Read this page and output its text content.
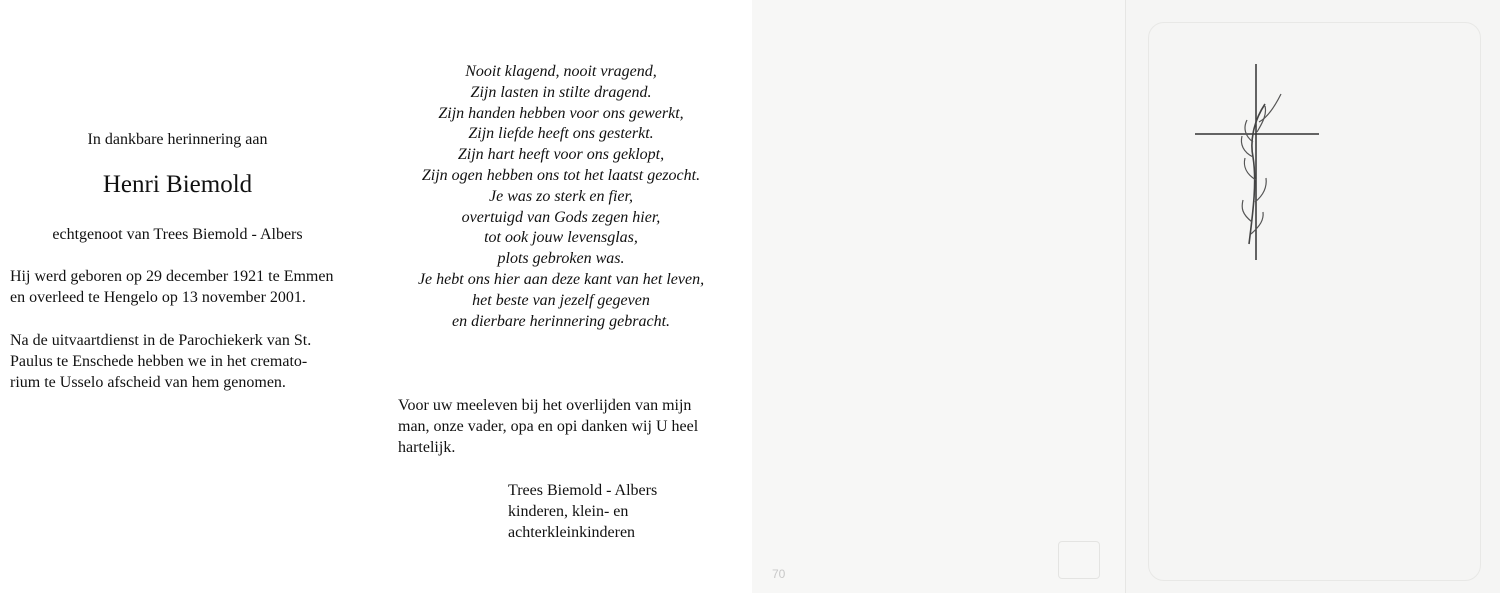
In dankbare herinnering aan
Henri Biemold
echtgenoot van Trees Biemold - Albers
Hij werd geboren op 29 december 1921 te Emmen
en overleed te Hengelo op 13 november 2001.
Na de uitvaartdienst in de Parochiekerk van St.
Paulus te Enschede hebben we in het cremato-
rium te Usselo afscheid van hem genomen.
Nooit klagend, nooit vragend,
Zijn lasten in stilte dragend.
Zijn handen hebben voor ons gewerkt,
Zijn liefde heeft ons gesterkt.
Zijn hart heeft voor ons geklopt,
Zijn ogen hebben ons tot het laatst gezocht.
Je was zo sterk en fier,
overtuigd van Gods zegen hier,
tot ook jouw levensglas,
plots gebroken was.
Je hebt ons hier aan deze kant van het leven,
het beste van jezelf gegeven
en dierbare herinnering gebracht.
Voor uw meeleven bij het overlijden van mijn
man, onze vader, opa en opi danken wij U heel
hartelijk.
Trees Biemold - Albers
kinderen, klein- en
achterkleinkinderen
70
